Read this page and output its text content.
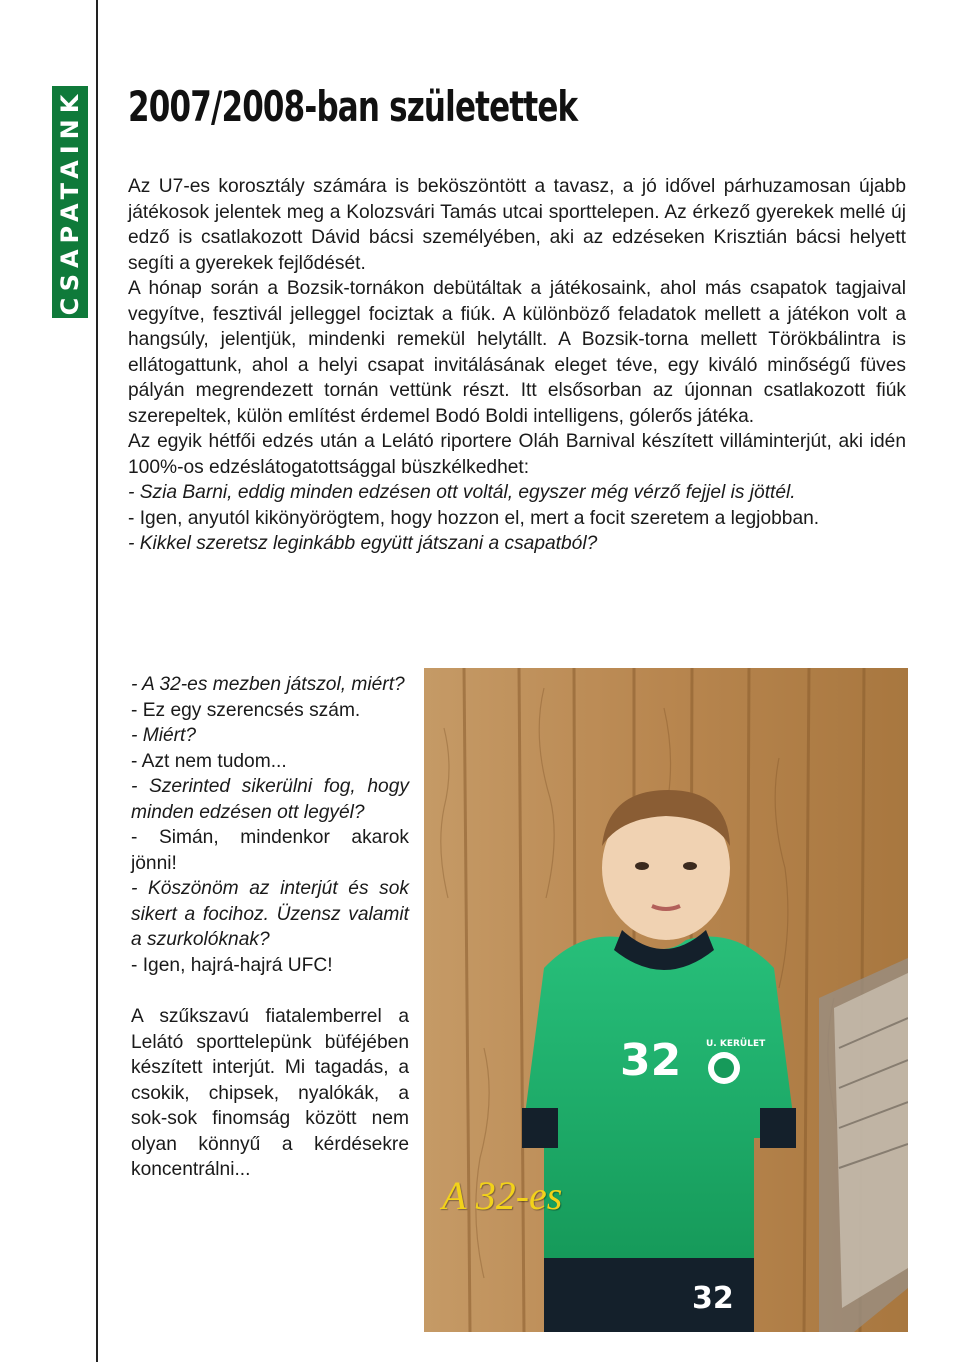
CSAPATAINK 2007/2008-ban születettek

Az U7-es korosztály számára is beköszöntött a tavasz, a jó idővel párhuzamosan újabb játékosok jelentek meg a Kolozsvári Tamás utcai sporttelepen. Az érkező gyerekek mellé új edző is csatlakozott Dávid bácsi személyében, aki az edzéseken Krisztián bácsi helyett segíti a gyerekek fejlődését.

A hónap során a Bozsik-tornákon debütáltak a játékosaink, ahol más csapatok tagjaival vegyítve, fesztivál jelleggel fociztak a fiúk. A különböző feladatok mellett a játékon volt a hangsúly, jelentjük, mindenki remekül helytállt. A Bozsik-torna mellett Törökbálintra is ellátogattunk, ahol a helyi csapat invitálásának eleget téve, egy kiváló minőségű füves pályán megrendezett tornán vettünk részt. Itt elsősorban az újonnan csatlakozott fiúk szerepeltek, külön említést érdemel Bodó Boldi intelligens, gólerős játéka.

Az egyik hétfői edzés után a Lelátó riportere Oláh Barnival készített villáminterjút, aki idén 100%-os edzéslátogatottsággal büszkélkedhet:

- Szia Barni, eddig minden edzésen ott voltál, egyszer még vérző fejjel is jöttél.

- Igen, anyutól kikönyörögtem, hogy hozzon el, mert a focit szeretem a legjobban.

- Kikkel szeretsz leginkább együtt játszani a csapatból?

- A 32-es mezben játszol, miért?

- Ez egy szerencsés szám.

- Miért?

- Azt nem tudom...

- Szerinted sikerülni fog, hogy minden edzésen ott legyél?

- Simán, mindenkor akarok jönni!

- Köszönöm az interjút és sok sikert a focihoz. Üzensz valamit a szurkolóknak?

- Igen, hajrá-hajrá UFC!

A szűkszavú fiatalemberrel a Lelátó sporttelepünk büféjében készített interjút. Mi tagadás, a csokik, chipsek, nyalókák, a sok-sok finomság között nem olyan könnyű a kérdésekre koncentrálni...

32	U. KERÜLET
32
A 32-es
